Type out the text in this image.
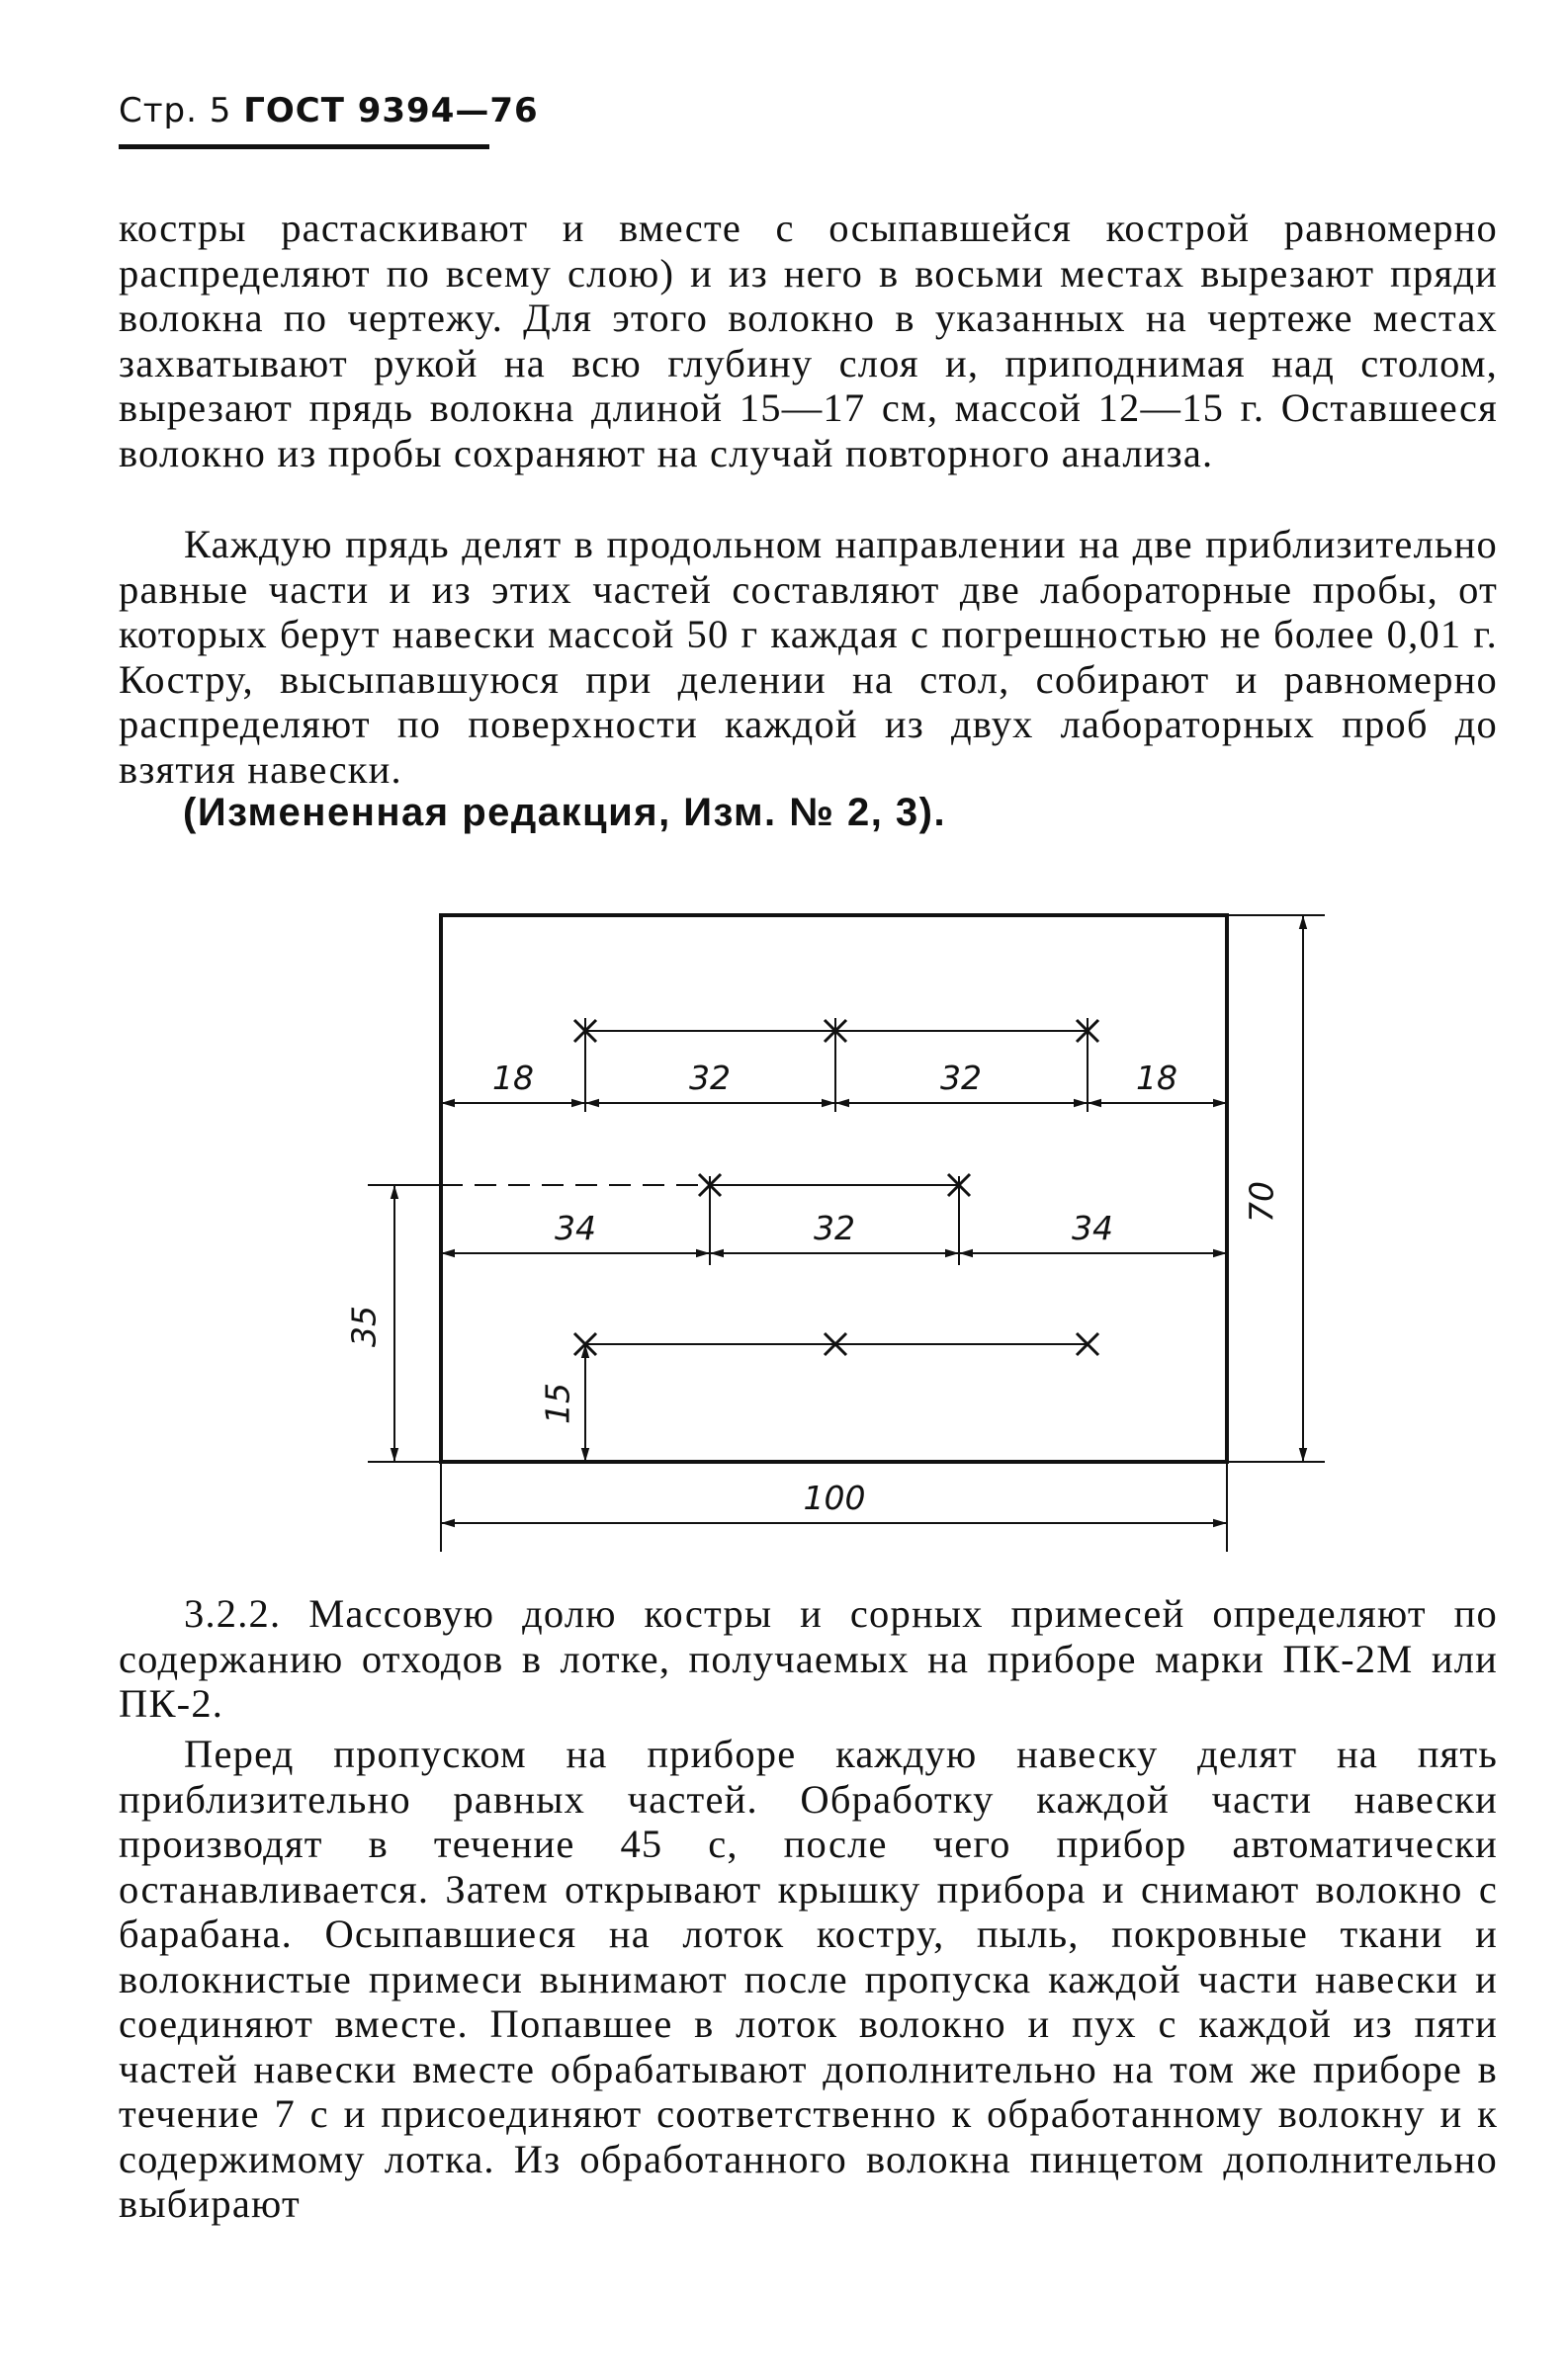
Стр. 5 ГОСТ 9394—76
костры растаскивают и вместе с осыпавшейся кострой равномерно распределяют по всему слою) и из него в восьми местах вырезают пряди волокна по чертежу. Для этого волокно в указанных на чертеже местах захватывают рукой на всю глубину слоя и, приподнимая над столом, вырезают прядь волокна длиной 15—17 см, массой 12—15 г. Оставшееся волокно из пробы сохраняют на случай повторного анализа.
Каждую прядь делят в продольном направлении на две приблизительно равные части и из этих частей составляют две лабораторные пробы, от которых берут навески массой 50 г каждая с погрешностью не более 0,01 г. Костру, высыпавшуюся при делении на стол, собирают и равномерно распределяют по поверхности каждой из двух лабораторных проб до взятия навески.
(Измененная редакция, Изм. № 2, 3).
18	32	32	18
34	32	34
70
100
35
15
3.2.2. Массовую долю костры и сорных примесей определяют по содержанию отходов в лотке, получаемых на приборе марки ПК-2М или ПК-2.
Перед пропуском на приборе каждую навеску делят на пять приблизительно равных частей. Обработку каждой части навески производят в течение 45 с, после чего прибор автоматически останавливается. Затем открывают крышку прибора и снимают волокно с барабана. Осыпавшиеся на лоток костру, пыль, покровные ткани и волокнистые примеси вынимают после пропуска каждой части навески и соединяют вместе. Попавшее в лоток волокно и пух с каждой из пяти частей навески вместе обрабатывают дополнительно на том же приборе в течение 7 с и присоединяют соответственно к обработанному волокну и к содержимому лотка. Из обработанного волокна пинцетом дополнительно выбирают
